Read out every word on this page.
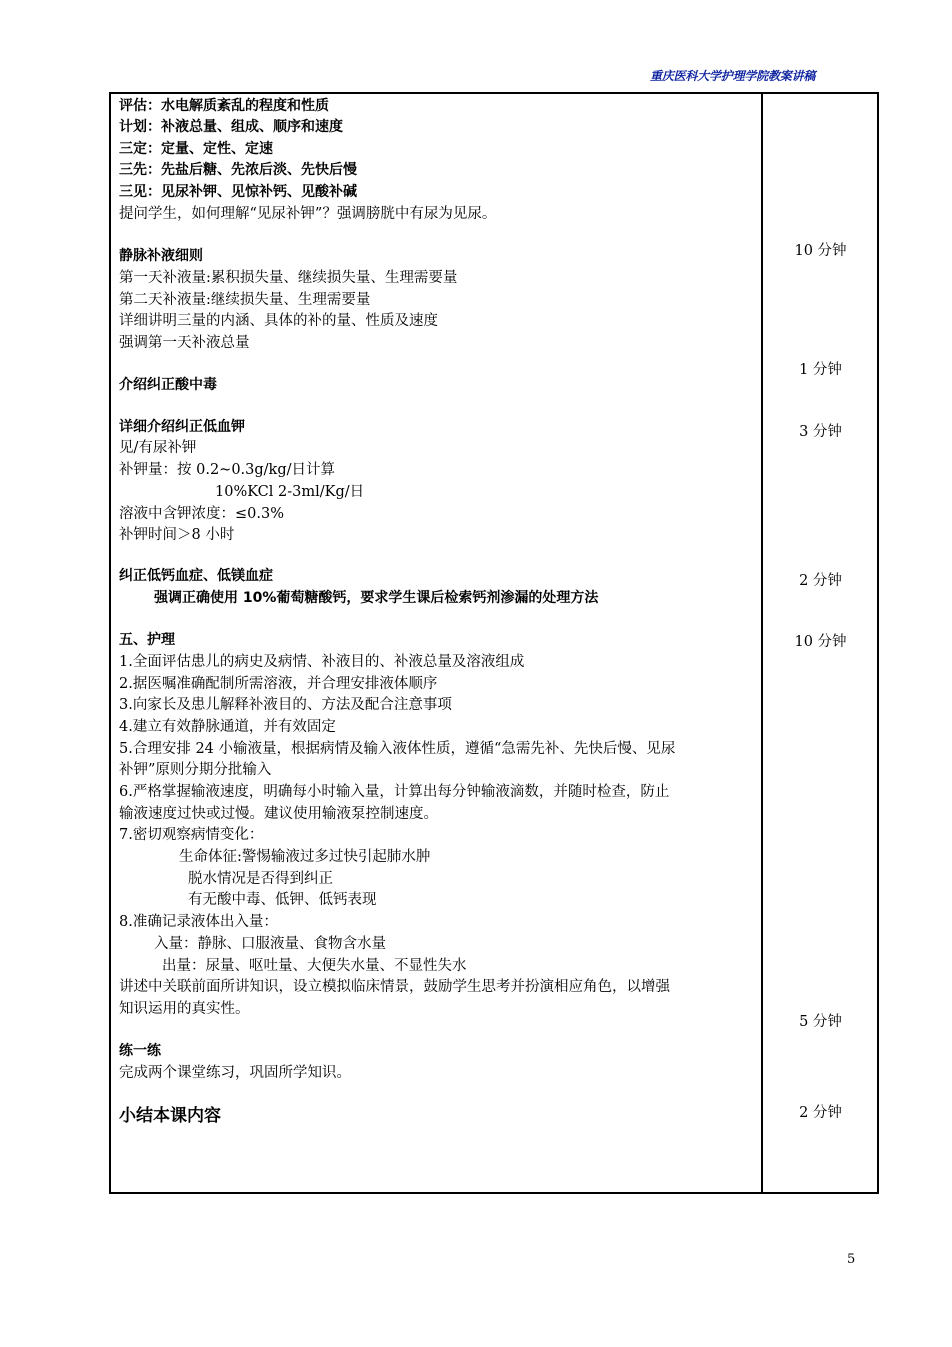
重庆医科大学护理学院教案讲稿
评估：水电解质紊乱的程度和性质
计划：补液总量、组成、顺序和速度
三定：定量、定性、定速
三先：先盐后糖、先浓后淡、先快后慢
三见：见尿补钾、见惊补钙、见酸补碱
提问学生，如何理解“见尿补钾”？强调膀胱中有尿为见尿。
静脉补液细则
第一天补液量:累积损失量、继续损失量、生理需要量
第二天补液量:继续损失量、生理需要量
详细讲明三量的内涵、具体的补的量、性质及速度
强调第一天补液总量
介绍纠正酸中毒
详细介绍纠正低血钾
见/有尿补钾
补钾量：按 0.2~0.3g/kg/日计算
10%KCl 2-3ml/Kg/日
溶液中含钾浓度：≤0.3%
补钾时间＞8 小时
纠正低钙血症、低镁血症
强调正确使用 10%葡萄糖酸钙，要求学生课后检索钙剂渗漏的处理方法
五、护理
1.全面评估患儿的病史及病情、补液目的、补液总量及溶液组成
2.据医嘱准确配制所需溶液，并合理安排液体顺序
3.向家长及患儿解释补液目的、方法及配合注意事项
4.建立有效静脉通道，并有效固定
5.合理安排 24 小输液量，根据病情及输入液体性质，遵循“急需先补、先快后慢、见尿
补钾”原则分期分批输入
6.严格掌握输液速度，明确每小时输入量，计算出每分钟输液滴数，并随时检查，防止
输液速度过快或过慢。建议使用输液泵控制速度。
7.密切观察病情变化：
生命体征:警惕输液过多过快引起肺水肿
脱水情况是否得到纠正
有无酸中毒、低钾、低钙表现
8.准确记录液体出入量：
入量：静脉、口服液量、食物含水量
出量：尿量、呕吐量、大便失水量、不显性失水
讲述中关联前面所讲知识，设立模拟临床情景，鼓励学生思考并扮演相应角色，以增强
知识运用的真实性。
练一练
完成两个课堂练习，巩固所学知识。
小结本课内容
10 分钟
1 分钟
3 分钟
2 分钟
10 分钟
5 分钟
2 分钟
5
